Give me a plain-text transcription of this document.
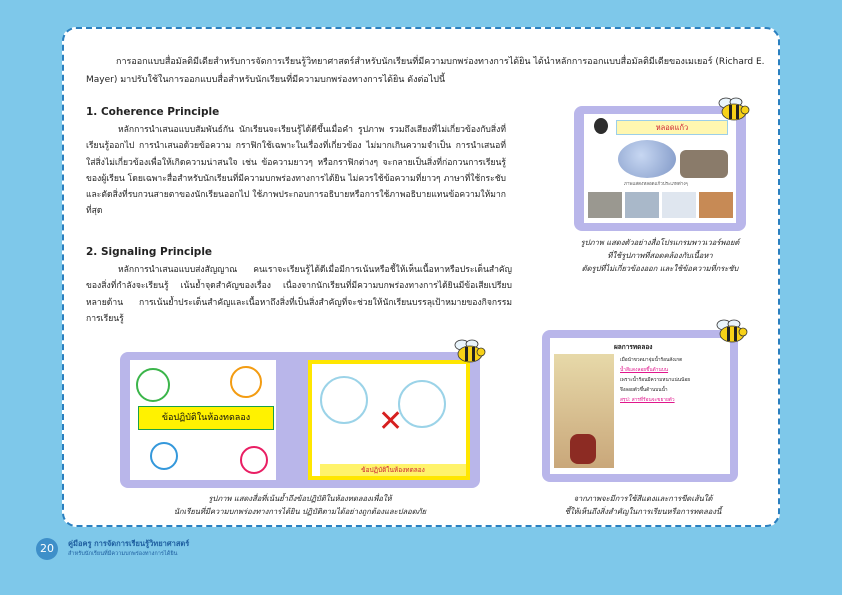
การออกแบบสื่อมัลติมีเดียสำหรับการจัดการเรียนรู้วิทยาศาสตร์สำหรับนักเรียนที่มีความบกพร่องทางการได้ยิน ได้นำหลักการออกแบบสื่อมัลติมีเดียของเมเยอร์ (Richard E. Mayer) มาปรับใช้ในการออกแบบสื่อสำหรับนักเรียนที่มีความบกพร่องทางการได้ยิน ดังต่อไปนี้

1. Coherence Principle

หลักการนำเสนอแบบสัมพันธ์กัน นักเรียนจะเรียนรู้ได้ดีขึ้นเมื่อคำ รูปภาพ รวมถึงเสียงที่ไม่เกี่ยวข้องกับสิ่งที่เรียนรู้ออกไป การนำเสนอด้วยข้อความ กราฟิกใช้เฉพาะในเรื่องที่เกี่ยวข้อง ไม่มากเกินความจำเป็น การนำเสนอที่ใส่สิ่งไม่เกี่ยวข้องเพื่อให้เกิดความน่าสนใจ เช่น ข้อความยาวๆ หรือกราฟิกต่างๆ จะกลายเป็นสิ่งที่ก่อกวนการเรียนรู้ของผู้เรียน โดยเฉพาะสื่อสำหรับนักเรียนที่มีความบกพร่องทางการได้ยิน ไม่ควรใช้ข้อความที่ยาวๆ ภาษาที่ใช้กระชับและตัดสิ่งที่รบกวนสายตาของนักเรียนออกไป ใช้ภาพประกอบการอธิบายหรือการใช้ภาพอธิบายแทนข้อความให้มากที่สุด

2. Signaling Principle

หลักการนำเสนอแบบส่งสัญญาณ คนเราจะเรียนรู้ได้ดีเมื่อมีการเน้นหรือชี้ให้เห็นเนื้อหาหรือประเด็นสำคัญของสิ่งที่กำลังจะเรียนรู้ เน้นย้ำจุดสำคัญของเรื่อง เนื่องจากนักเรียนที่มีความบกพร่องทางการได้ยินมีข้อเสียเปรียบหลายด้าน การเน้นย้ำประเด็นสำคัญและเนื้อหาถึงสิ่งที่เป็นสิ่งสำคัญที่จะช่วยให้นักเรียนบรรลุเป้าหมายของกิจกรรมการเรียนรู้

หลอดแก้ว
ภาพแสดงหลอดแก้วประเภทต่างๆ

รูปภาพ แสดงตัวอย่างสื่อโปรแกรมพาวเวอร์พอยต์
ที่ใช้รูปภาพที่สอดคล้องกับเนื้อหา
ตัดรูปที่ไม่เกี่ยวข้องออก และใช้ข้อความที่กระชับ

ข้อปฏิบัติในห้องทดลอง	✕
ข้อปฏิบัติในห้องทดลอง

รูปภาพ แสดงสื่อที่เน้นย้ำถึงข้อปฏิบัติในห้องทดลองเพื่อให้
นักเรียนที่มีความบกพร่องทางการได้ยิน ปฏิบัติตามได้อย่างถูกต้องและปลอดภัย

ผลการทดลอง
เมื่อนำขวดมาจุ่มน้ำร้อนสังเกต
น้ำสีแดงลอยขึ้นด้านบน
เพราะน้ำร้อนมีความหนาแน่นน้อย
จึงลอยตัวขึ้นด้านบนน้ำ
สรุป: สารที่ร้อนจะขยายตัว

จากภาพจะมีการใช้สีแดงและการขีดเส้นใต้
ชี้ให้เห็นถึงสิ่งสำคัญในการเรียนหรือการทดลองนี้

20	คู่มือครู การจัดการเรียนรู้วิทยาศาสตร์
สำหรับนักเรียนที่มีความบกพร่องทางการได้ยิน
